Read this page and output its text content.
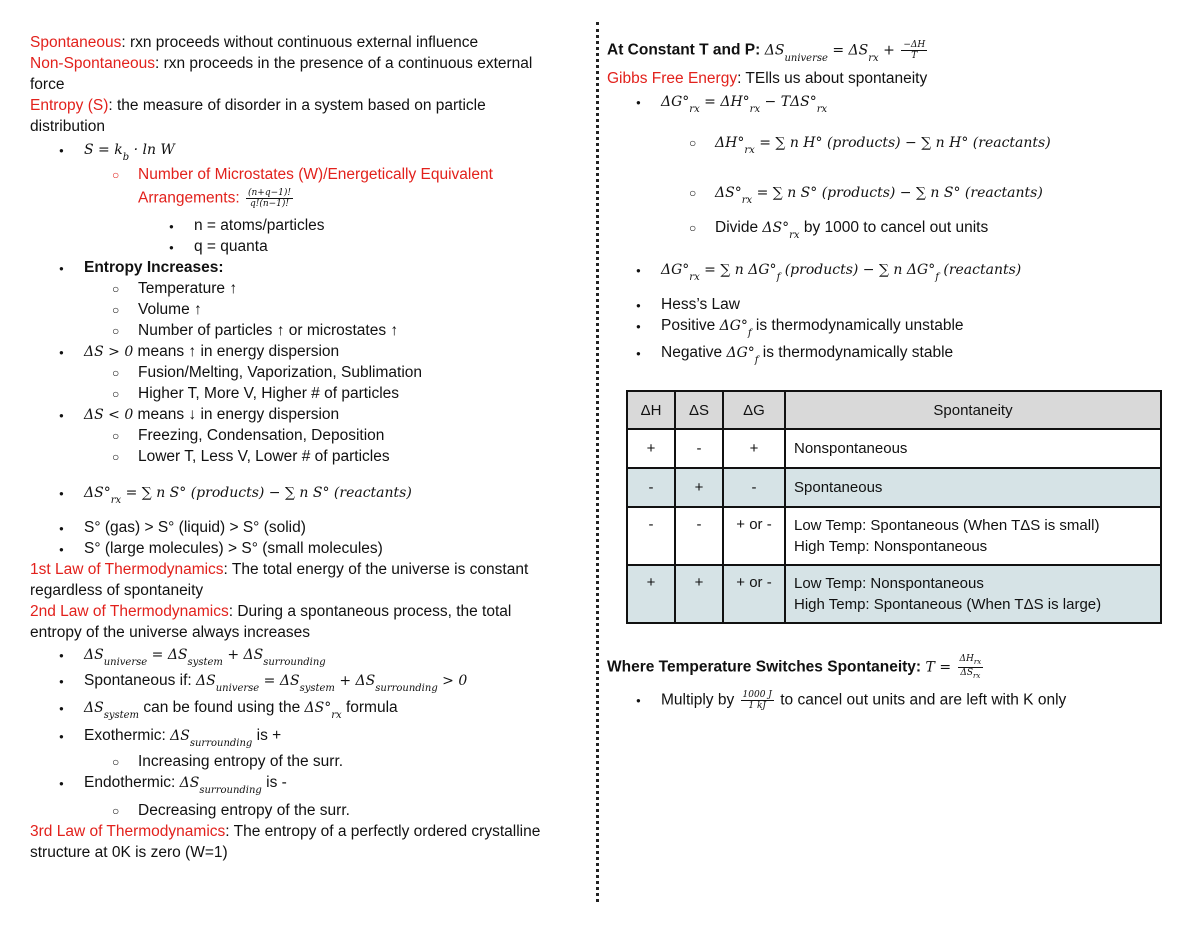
Spontaneous: rxn proceeds without continuous external influence
Non-Spontaneous: rxn proceeds in the presence of a continuous external
force
Entropy (S): the measure of disorder in a system based on particle
distribution
● $S = k_b \cdot \ln W$
○ Number of Microstates (W)/Energetically Equivalent
Arrangements: $\frac{(n+q-1)!}{q!(n-1)!}$
● n = atoms/particles
● q = quanta
● Entropy Increases:
○ Temperature ↑
○ Volume ↑
○ Number of particles ↑ or microstates ↑
● ΔS > 0 means ↑ in energy dispersion
○ Fusion/Melting, Vaporization, Sublimation
○ Higher T, More V, Higher # of particles
● ΔS < 0 means ↓ in energy dispersion
○ Freezing, Condensation, Deposition
○ Lower T, Less V, Lower # of particles
● $\Delta S^\circ_{rx}$ = ∑ n S° (products) − ∑ n S° (reactants)
● S° (gas) > S° (liquid) > S° (solid)
● S° (large molecules) > S° (small molecules)
1st Law of Thermodynamics: The total energy of the universe is constant
regardless of spontaneity
2nd Law of Thermodynamics: During a spontaneous process, the total
entropy of the universe always increases
● $\Delta S_{universe} = \Delta S_{system} + \Delta S_{surrounding}$
● Spontaneous if: $\Delta S_{universe} = \Delta S_{system} + \Delta S_{surrounding} > 0$
● $\Delta S_{system}$ can be found using the $\Delta S^\circ_{rx}$ formula
● Exothermic: $\Delta S_{surrounding}$ is +
○ Increasing entropy of the surr.
● Endothermic: $\Delta S_{surrounding}$ is -
○ Decreasing entropy of the surr.
3rd Law of Thermodynamics: The entropy of a perfectly ordered crystalline
structure at 0K is zero (W=1)
At Constant T and P: $\Delta S_{universe} = \Delta S_{rx} + \frac{-\Delta H}{T}$
Gibbs Free Energy: TElls us about spontaneity
● $\Delta G^\circ_{rx} = \Delta H^\circ_{rx} - T\Delta S^\circ_{rx}$
○ $\Delta H^\circ_{rx}$ = ∑ n H° (products) − ∑ n H° (reactants)
○ $\Delta S^\circ_{rx}$ = ∑ n S° (products) − ∑ n S° (reactants)
○ Divide $\Delta S^\circ_{rx}$ by 1000 to cancel out units
● $\Delta G^\circ_{rx}$ = ∑ n $\Delta G^\circ_f$ (products) − ∑ n $\Delta G^\circ_f$ (reactants)
● Hess’s Law
● Positive $\Delta G^\circ_f$ is thermodynamically unstable
● Negative $\Delta G^\circ_f$ is thermodynamically stable
ΔH	ΔS	ΔG	Spontaneity
+	-	+	Nonspontaneous
-	+	-	Spontaneous
-	-	+ or -	Low Temp: Spontaneous (When TΔS is small)
High Temp: Nonspontaneous

+	+	+ or -	Low Temp: Nonspontaneous
High Temp: Spontaneous (When TΔS is large)
Where Temperature Switches Spontaneity: $T = \frac{\Delta H_{rx}}{\Delta S_{rx}}$
● Multiply by $\frac{1000 J}{1 kJ}$ to cancel out units and are left with K only
